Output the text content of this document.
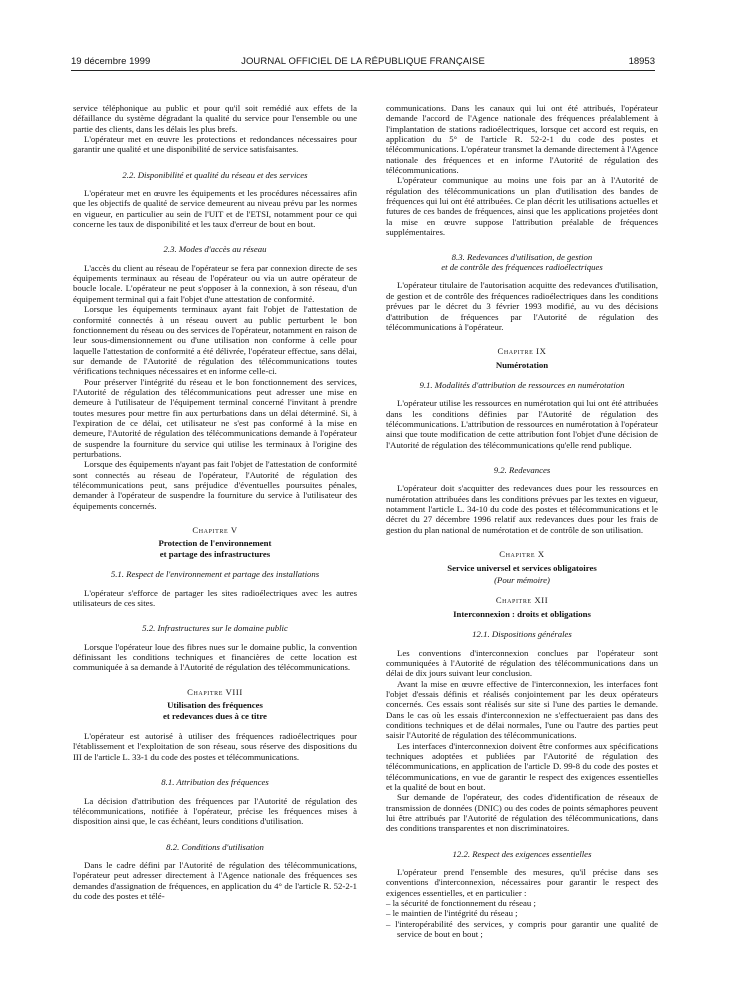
19 décembre 1999	JOURNAL OFFICIEL DE LA RÉPUBLIQUE FRANÇAISE	18953

service téléphonique au public et pour qu'il soit remédié aux effets de la défaillance du système dégradant la qualité du service pour l'ensemble ou une partie des clients, dans les délais les plus brefs.

L'opérateur met en œuvre les protections et redondances nécessaires pour garantir une qualité et une disponibilité de service satisfaisantes.

2.2. Disponibilité et qualité du réseau et des services

L'opérateur met en œuvre les équipements et les procédures nécessaires afin que les objectifs de qualité de service demeurent au niveau prévu par les normes en vigueur, en particulier au sein de l'UIT et de l'ETSI, notamment pour ce qui concerne les taux de disponibilité et les taux d'erreur de bout en bout.

2.3. Modes d'accès au réseau

L'accès du client au réseau de l'opérateur se fera par connexion directe de ses équipements terminaux au réseau de l'opérateur ou via un autre opérateur de boucle locale. L'opérateur ne peut s'opposer à la connexion, à son réseau, d'un équipement terminal qui a fait l'objet d'une attestation de conformité.

Lorsque les équipements terminaux ayant fait l'objet de l'attestation de conformité connectés à un réseau ouvert au public perturbent le bon fonctionnement du réseau ou des services de l'opérateur, notamment en raison de leur sous-dimensionnement ou d'une utilisation non conforme à celle pour laquelle l'attestation de conformité a été délivrée, l'opérateur effectue, sans délai, sur demande de l'Autorité de régulation des télécommunications toutes vérifications techniques nécessaires et en informe celle-ci.

Pour préserver l'intégrité du réseau et le bon fonctionnement des services, l'Autorité de régulation des télécommunications peut adresser une mise en demeure à l'utilisateur de l'équipement terminal concerné l'invitant à prendre toutes mesures pour mettre fin aux perturbations dans un délai déterminé. Si, à l'expiration de ce délai, cet utilisateur ne s'est pas conformé à la mise en demeure, l'Autorité de régulation des télécommunications demande à l'opérateur de suspendre la fourniture du service qui utilise les terminaux à l'origine des perturbations.

Lorsque des équipements n'ayant pas fait l'objet de l'attestation de conformité sont connectés au réseau de l'opérateur, l'Autorité de régulation des télécommunications peut, sans préjudice d'éventuelles poursuites pénales, demander à l'opérateur de suspendre la fourniture du service à l'utilisateur des équipements concernés.

Chapitre V
Protection de l'environnement
et partage des infrastructures
5.1. Respect de l'environnement et partage des installations

L'opérateur s'efforce de partager les sites radioélectriques avec les autres utilisateurs de ces sites.

5.2. Infrastructures sur le domaine public

Lorsque l'opérateur loue des fibres nues sur le domaine public, la convention définissant les conditions techniques et financières de cette location est communiquée à sa demande à l'Autorité de régulation des télécommunications.

Chapitre VIII
Utilisation des fréquences
et redevances dues à ce titre

L'opérateur est autorisé à utiliser des fréquences radioélectriques pour l'établissement et l'exploitation de son réseau, sous réserve des dispositions du III de l'article L. 33-1 du code des postes et télécommunications.

8.1. Attribution des fréquences

La décision d'attribution des fréquences par l'Autorité de régulation des télécommunications, notifiée à l'opérateur, précise les fréquences mises à disposition ainsi que, le cas échéant, leurs conditions d'utilisation.

8.2. Conditions d'utilisation

Dans le cadre défini par l'Autorité de régulation des télécommunications, l'opérateur peut adresser directement à l'Agence nationale des fréquences ses demandes d'assignation de fréquences, en application du 4° de l'article R. 52-2-1 du code des postes et télé-

communications. Dans les canaux qui lui ont été attribués, l'opérateur demande l'accord de l'Agence nationale des fréquences préalablement à l'implantation de stations radioélectriques, lorsque cet accord est requis, en application du 5° de l'article R. 52-2-1 du code des postes et télécommunications. L'opérateur transmet la demande directement à l'Agence nationale des fréquences et en informe l'Autorité de régulation des télécommunications.

L'opérateur communique au moins une fois par an à l'Autorité de régulation des télécommunications un plan d'utilisation des bandes de fréquences qui lui ont été attribuées. Ce plan décrit les utilisations actuelles et futures de ces bandes de fréquences, ainsi que les applications projetées dont la mise en œuvre suppose l'attribution préalable de fréquences supplémentaires.

8.3. Redevances d'utilisation, de gestion
et de contrôle des fréquences radioélectriques

L'opérateur titulaire de l'autorisation acquitte des redevances d'utilisation, de gestion et de contrôle des fréquences radioélectriques dans les conditions prévues par le décret du 3 février 1993 modifié, au vu des décisions d'attribution de fréquences par l'Autorité de régulation des télécommunications à l'opérateur.

Chapitre IX
Numérotation
9.1. Modalités d'attribution de ressources en numérotation

L'opérateur utilise les ressources en numérotation qui lui ont été attribuées dans les conditions définies par l'Autorité de régulation des télécommunications. L'attribution de ressources en numérotation à l'opérateur ainsi que toute modification de cette attribution font l'objet d'une décision de l'Autorité de régulation des télécommunications qu'elle rend publique.

9.2. Redevances

L'opérateur doit s'acquitter des redevances dues pour les ressources en numérotation attribuées dans les conditions prévues par les textes en vigueur, notamment l'article L. 34-10 du code des postes et télécommunications et le décret du 27 décembre 1996 relatif aux redevances dues pour les frais de gestion du plan national de numérotation et de contrôle de son utilisation.

Chapitre X
Service universel et services obligatoires
(Pour mémoire)
Chapitre XII
Interconnexion : droits et obligations
12.1. Dispositions générales

Les conventions d'interconnexion conclues par l'opérateur sont communiquées à l'Autorité de régulation des télécommunications dans un délai de dix jours suivant leur conclusion.

Avant la mise en œuvre effective de l'interconnexion, les interfaces font l'objet d'essais définis et réalisés conjointement par les deux opérateurs concernés. Ces essais sont réalisés sur site si l'une des parties le demande. Dans le cas où les essais d'interconnexion ne s'effectueraient pas dans des conditions techniques et de délai normales, l'une ou l'autre des parties peut saisir l'Autorité de régulation des télécommunications.

Les interfaces d'interconnexion doivent être conformes aux spécifications techniques adoptées et publiées par l'Autorité de régulation des télécommunications, en application de l'article D. 99-8 du code des postes et télécommunications, en vue de garantir le respect des exigences essentielles et la qualité de bout en bout.

Sur demande de l'opérateur, des codes d'identification de réseaux de transmission de données (DNIC) ou des codes de points sémaphores peuvent lui être attribués par l'Autorité de régulation des télécommunications, dans des conditions transparentes et non discriminatoires.

12.2. Respect des exigences essentielles

L'opérateur prend l'ensemble des mesures, qu'il précise dans ses conventions d'interconnexion, nécessaires pour garantir le respect des exigences essentielles, et en particulier :

– la sécurité de fonctionnement du réseau ;
– le maintien de l'intégrité du réseau ;
– l'interopérabilité des services, y compris pour garantir une qualité de service de bout en bout ;
